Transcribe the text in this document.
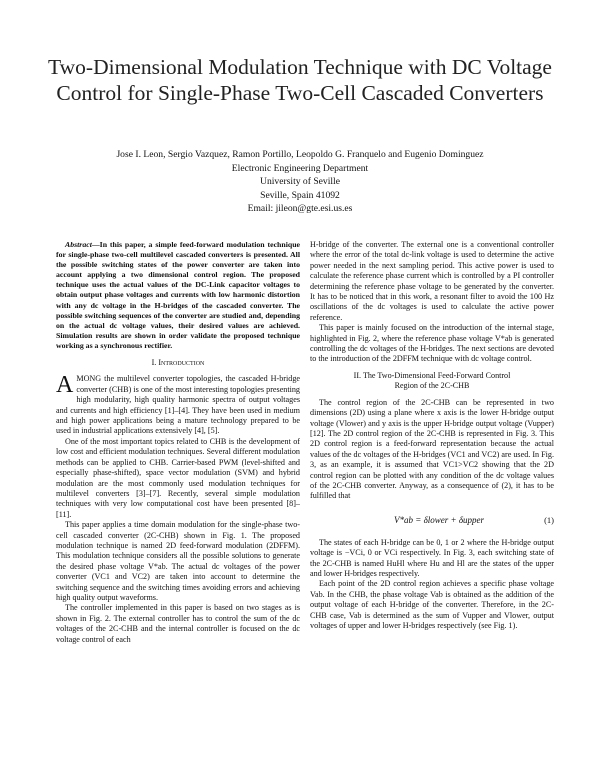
Two-Dimensional Modulation Technique with DC Voltage Control for Single-Phase Two-Cell Cascaded Converters
Jose I. Leon, Sergio Vazquez, Ramon Portillo, Leopoldo G. Franquelo and Eugenio Dominguez
Electronic Engineering Department
University of Seville
Seville, Spain 41092
Email: jileon@gte.esi.us.es

Abstract—In this paper, a simple feed-forward modulation technique for single-phase two-cell multilevel cascaded converters is presented. All the possible switching states of the power converter are taken into account applying a two dimensional control region. The proposed technique uses the actual values of the DC-Link capacitor voltages to obtain output phase voltages and currents with low harmonic distortion with any dc voltage in the H-bridges of the cascaded converter. The possible switching sequences of the converter are studied and, depending on the actual dc voltage values, their desired values are achieved. Simulation results are shown in order validate the proposed technique working as a synchronous rectifier.

I. Introduction

AMONG the multilevel converter topologies, the cascaded H-bridge converter (CHB) is one of the most interesting topologies presenting high modularity, high quality harmonic spectra of output voltages and currents and high efficiency [1]–[4]. They have been used in medium and high power applications being a mature technology prepared to be used in industrial applications extensively [4], [5].

One of the most important topics related to CHB is the development of low cost and efficient modulation techniques. Several different modulation methods can be applied to CHB. Carrier-based PWM (level-shifted and especially phase-shifted), space vector modulation (SVM) and hybrid modulation are the most commonly used modulation techniques for multilevel converters [3]–[7]. Recently, several simple modulation techniques with very low computational cost have been presented [8]–[11].

This paper applies a time domain modulation for the single-phase two-cell cascaded converter (2C-CHB) shown in Fig. 1. The proposed modulation technique is named 2D feed-forward modulation (2DFFM). This modulation technique considers all the possible solutions to generate the desired phase voltage V*ab. The actual dc voltages of the power converter (VC1 and VC2) are taken into account to determine the switching sequence and the switching times avoiding errors and achieving high quality output waveforms.

The controller implemented in this paper is based on two stages as is shown in Fig. 2. The external controller has to control the sum of the dc voltages of the 2C-CHB and the internal controller is focused on the dc voltage control of each

H-bridge of the converter. The external one is a conventional controller where the error of the total dc-link voltage is used to determine the active power needed in the next sampling period. This active power is used to calculate the reference phase current which is controlled by a PI controller determining the reference phase voltage to be generated by the converter. It has to be noticed that in this work, a resonant filter to avoid the 100 Hz oscillations of the dc voltages is used to calculate the active power reference.

This paper is mainly focused on the introduction of the internal stage, highlighted in Fig. 2, where the reference phase voltage V*ab is generated controlling the dc voltages of the H-bridges. The next sections are devoted to the introduction of the 2DFFM technique with dc voltage control.

II. The Two-Dimensional Feed-Forward Control
Region of the 2C-CHB

The control region of the 2C-CHB can be represented in two dimensions (2D) using a plane where x axis is the lower H-bridge output voltage (Vlower) and y axis is the upper H-bridge output voltage (Vupper) [12]. The 2D control region of the 2C-CHB is represented in Fig. 3. This 2D control region is a feed-forward representation because the actual values of the dc voltages of the H-bridges (VC1 and VC2) are used. In Fig. 3, as an example, it is assumed that VC1>VC2 showing that the 2D control region can be plotted with any condition of the dc voltage values of the 2C-CHB converter. Anyway, as a consequence of (2), it has to be fulfilled that

V*ab = δlower + δupper	(1)

The states of each H-bridge can be 0, 1 or 2 where the H-bridge output voltage is −VCi, 0 or VCi respectively. In Fig. 3, each switching state of the 2C-CHB is named HuHl where Hu and Hl are the states of the upper and lower H-bridges respectively.

Each point of the 2D control region achieves a specific phase voltage Vab. In the CHB, the phase voltage Vab is obtained as the addition of the output voltage of each H-bridge of the converter. Therefore, in the 2C-CHB case, Vab is determined as the sum of Vupper and Vlower, output voltages of upper and lower H-bridges respectively (see Fig. 1).
